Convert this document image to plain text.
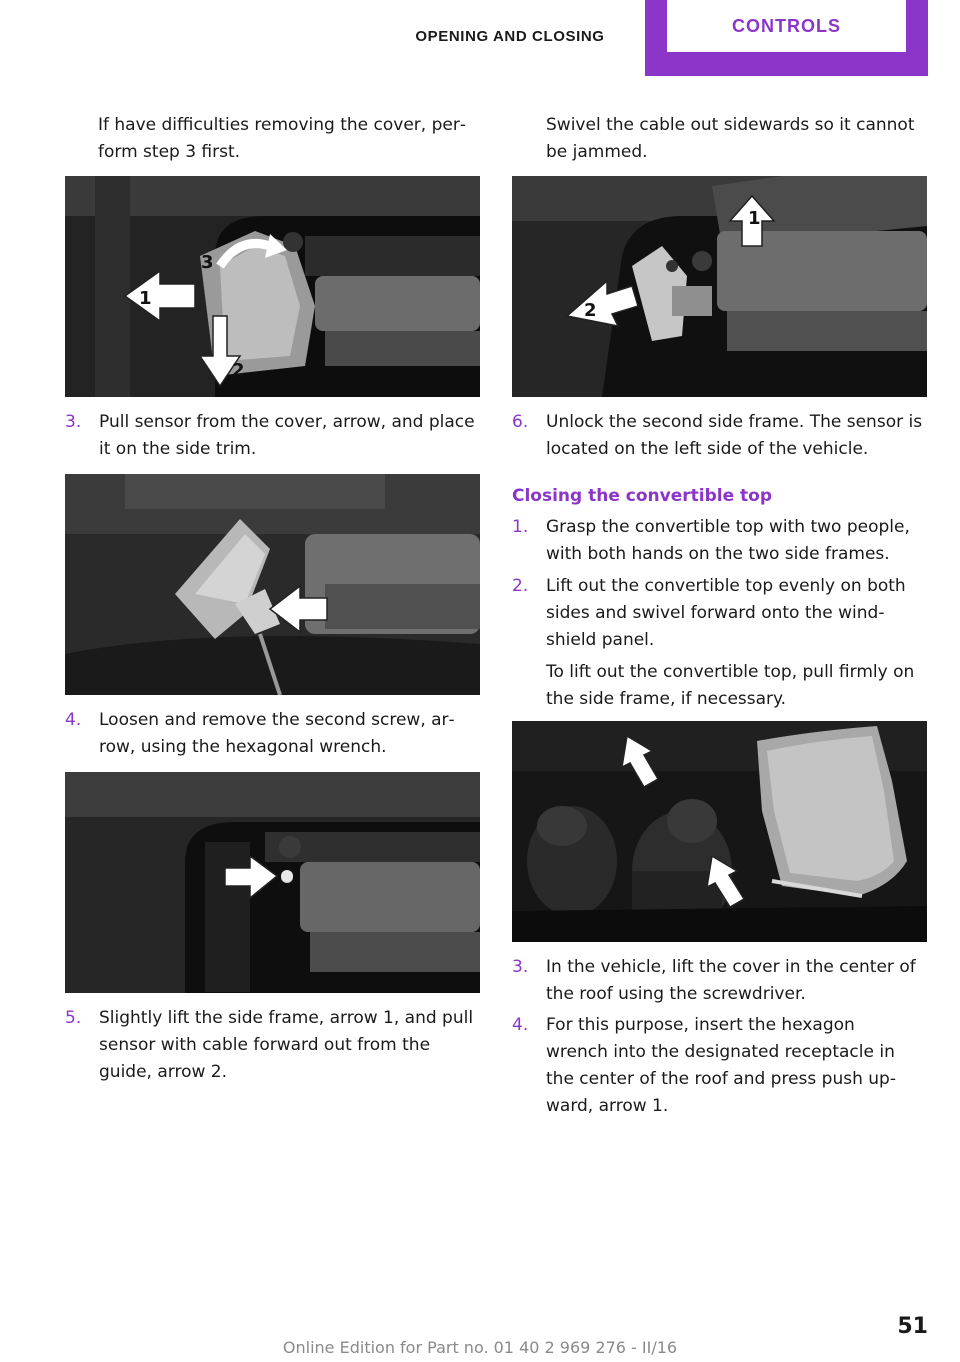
OPENING AND CLOSING
CONTROLS
If have difficulties removing the cover, per‐
form step 3 first.
1
2
3
3. Pull sensor from the cover, arrow, and place
it on the side trim.
4. Loosen and remove the second screw, ar‐
row, using the hexagonal wrench.
5. Slightly lift the side frame, arrow 1, and pull
sensor with cable forward out from the
guide, arrow 2.
Swivel the cable out sidewards so it cannot
be jammed.
1
2
6. Unlock the second side frame. The sensor is
located on the left side of the vehicle.
Closing the convertible top
1. Grasp the convertible top with two people,
with both hands on the two side frames.
2. Lift out the convertible top evenly on both
sides and swivel forward onto the wind‐
shield panel.
To lift out the convertible top, pull firmly on
the side frame, if necessary.
3. In the vehicle, lift the cover in the center of
the roof using the screwdriver.
4. For this purpose, insert the hexagon
wrench into the designated receptacle in
the center of the roof and press push up‐
ward, arrow 1.
51
Online Edition for Part no. 01 40 2 969 276 - II/16
